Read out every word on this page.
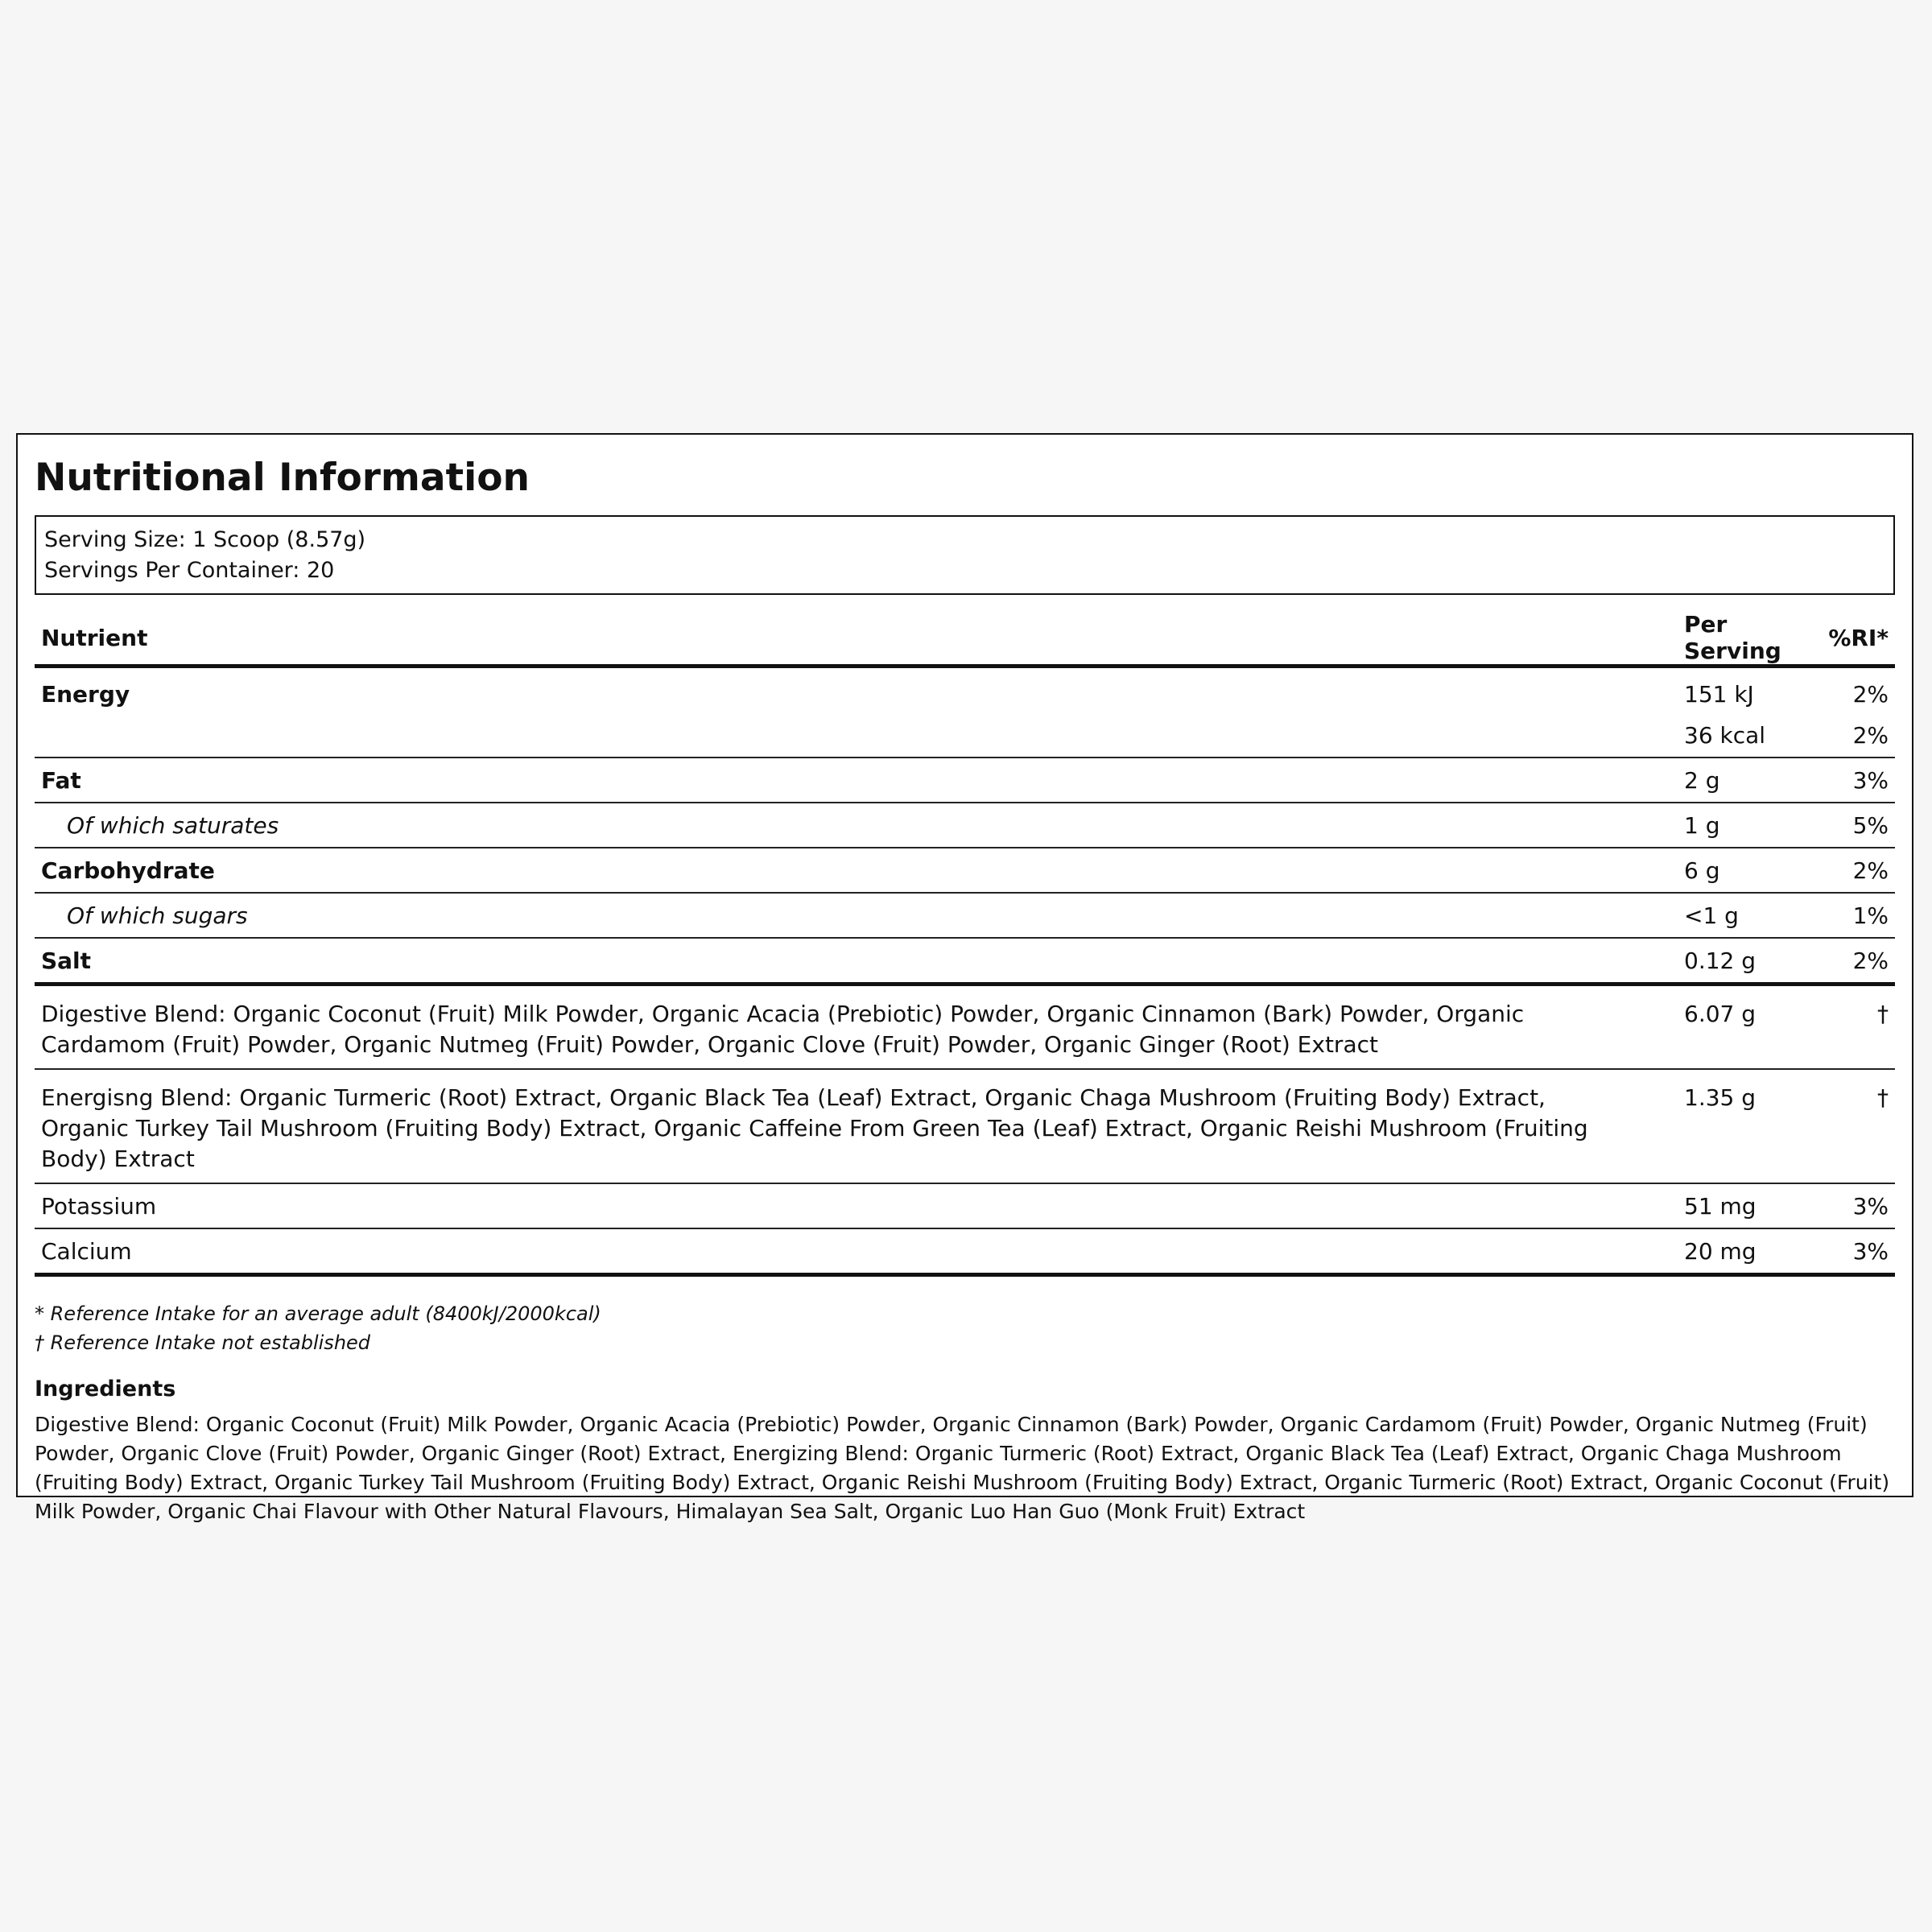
Nutritional Information
Serving Size: 1 Scoop (8.57g)
Servings Per Container: 20
Nutrient	Per Serving	%RI*
Energy	151 kJ	2%
	36 kcal	2%
Fat	2 g	3%
Of which saturates	1 g	5%
Carbohydrate	6 g	2%
Of which sugars	<1 g	1%
Salt	0.12 g	2%
Digestive Blend: Organic Coconut (Fruit) Milk Powder, Organic Acacia (Prebiotic) Powder, Organic Cinnamon (Bark) Powder, Organic Cardamom (Fruit) Powder, Organic Nutmeg (Fruit) Powder, Organic Clove (Fruit) Powder, Organic Ginger (Root) Extract	6.07 g	†
Energisng Blend: Organic Turmeric (Root) Extract, Organic Black Tea (Leaf) Extract, Organic Chaga Mushroom (Fruiting Body) Extract, Organic Turkey Tail Mushroom (Fruiting Body) Extract, Organic Caffeine From Green Tea (Leaf) Extract, Organic Reishi Mushroom (Fruiting Body) Extract	1.35 g	†
Potassium	51 mg	3%
Calcium	20 mg	3%
* Reference Intake for an average adult (8400kJ/2000kcal)
† Reference Intake not established
Ingredients
Digestive Blend: Organic Coconut (Fruit) Milk Powder, Organic Acacia (Prebiotic) Powder, Organic Cinnamon (Bark) Powder, Organic Cardamom (Fruit) Powder, Organic Nutmeg (Fruit) Powder, Organic Clove (Fruit) Powder, Organic Ginger (Root) Extract, Energizing Blend: Organic Turmeric (Root) Extract, Organic Black Tea (Leaf) Extract, Organic Chaga Mushroom (Fruiting Body) Extract, Organic Turkey Tail Mushroom (Fruiting Body) Extract, Organic Reishi Mushroom (Fruiting Body) Extract, Organic Turmeric (Root) Extract, Organic Coconut (Fruit) Milk Powder, Organic Chai Flavour with Other Natural Flavours, Himalayan Sea Salt, Organic Luo Han Guo (Monk Fruit) Extract
